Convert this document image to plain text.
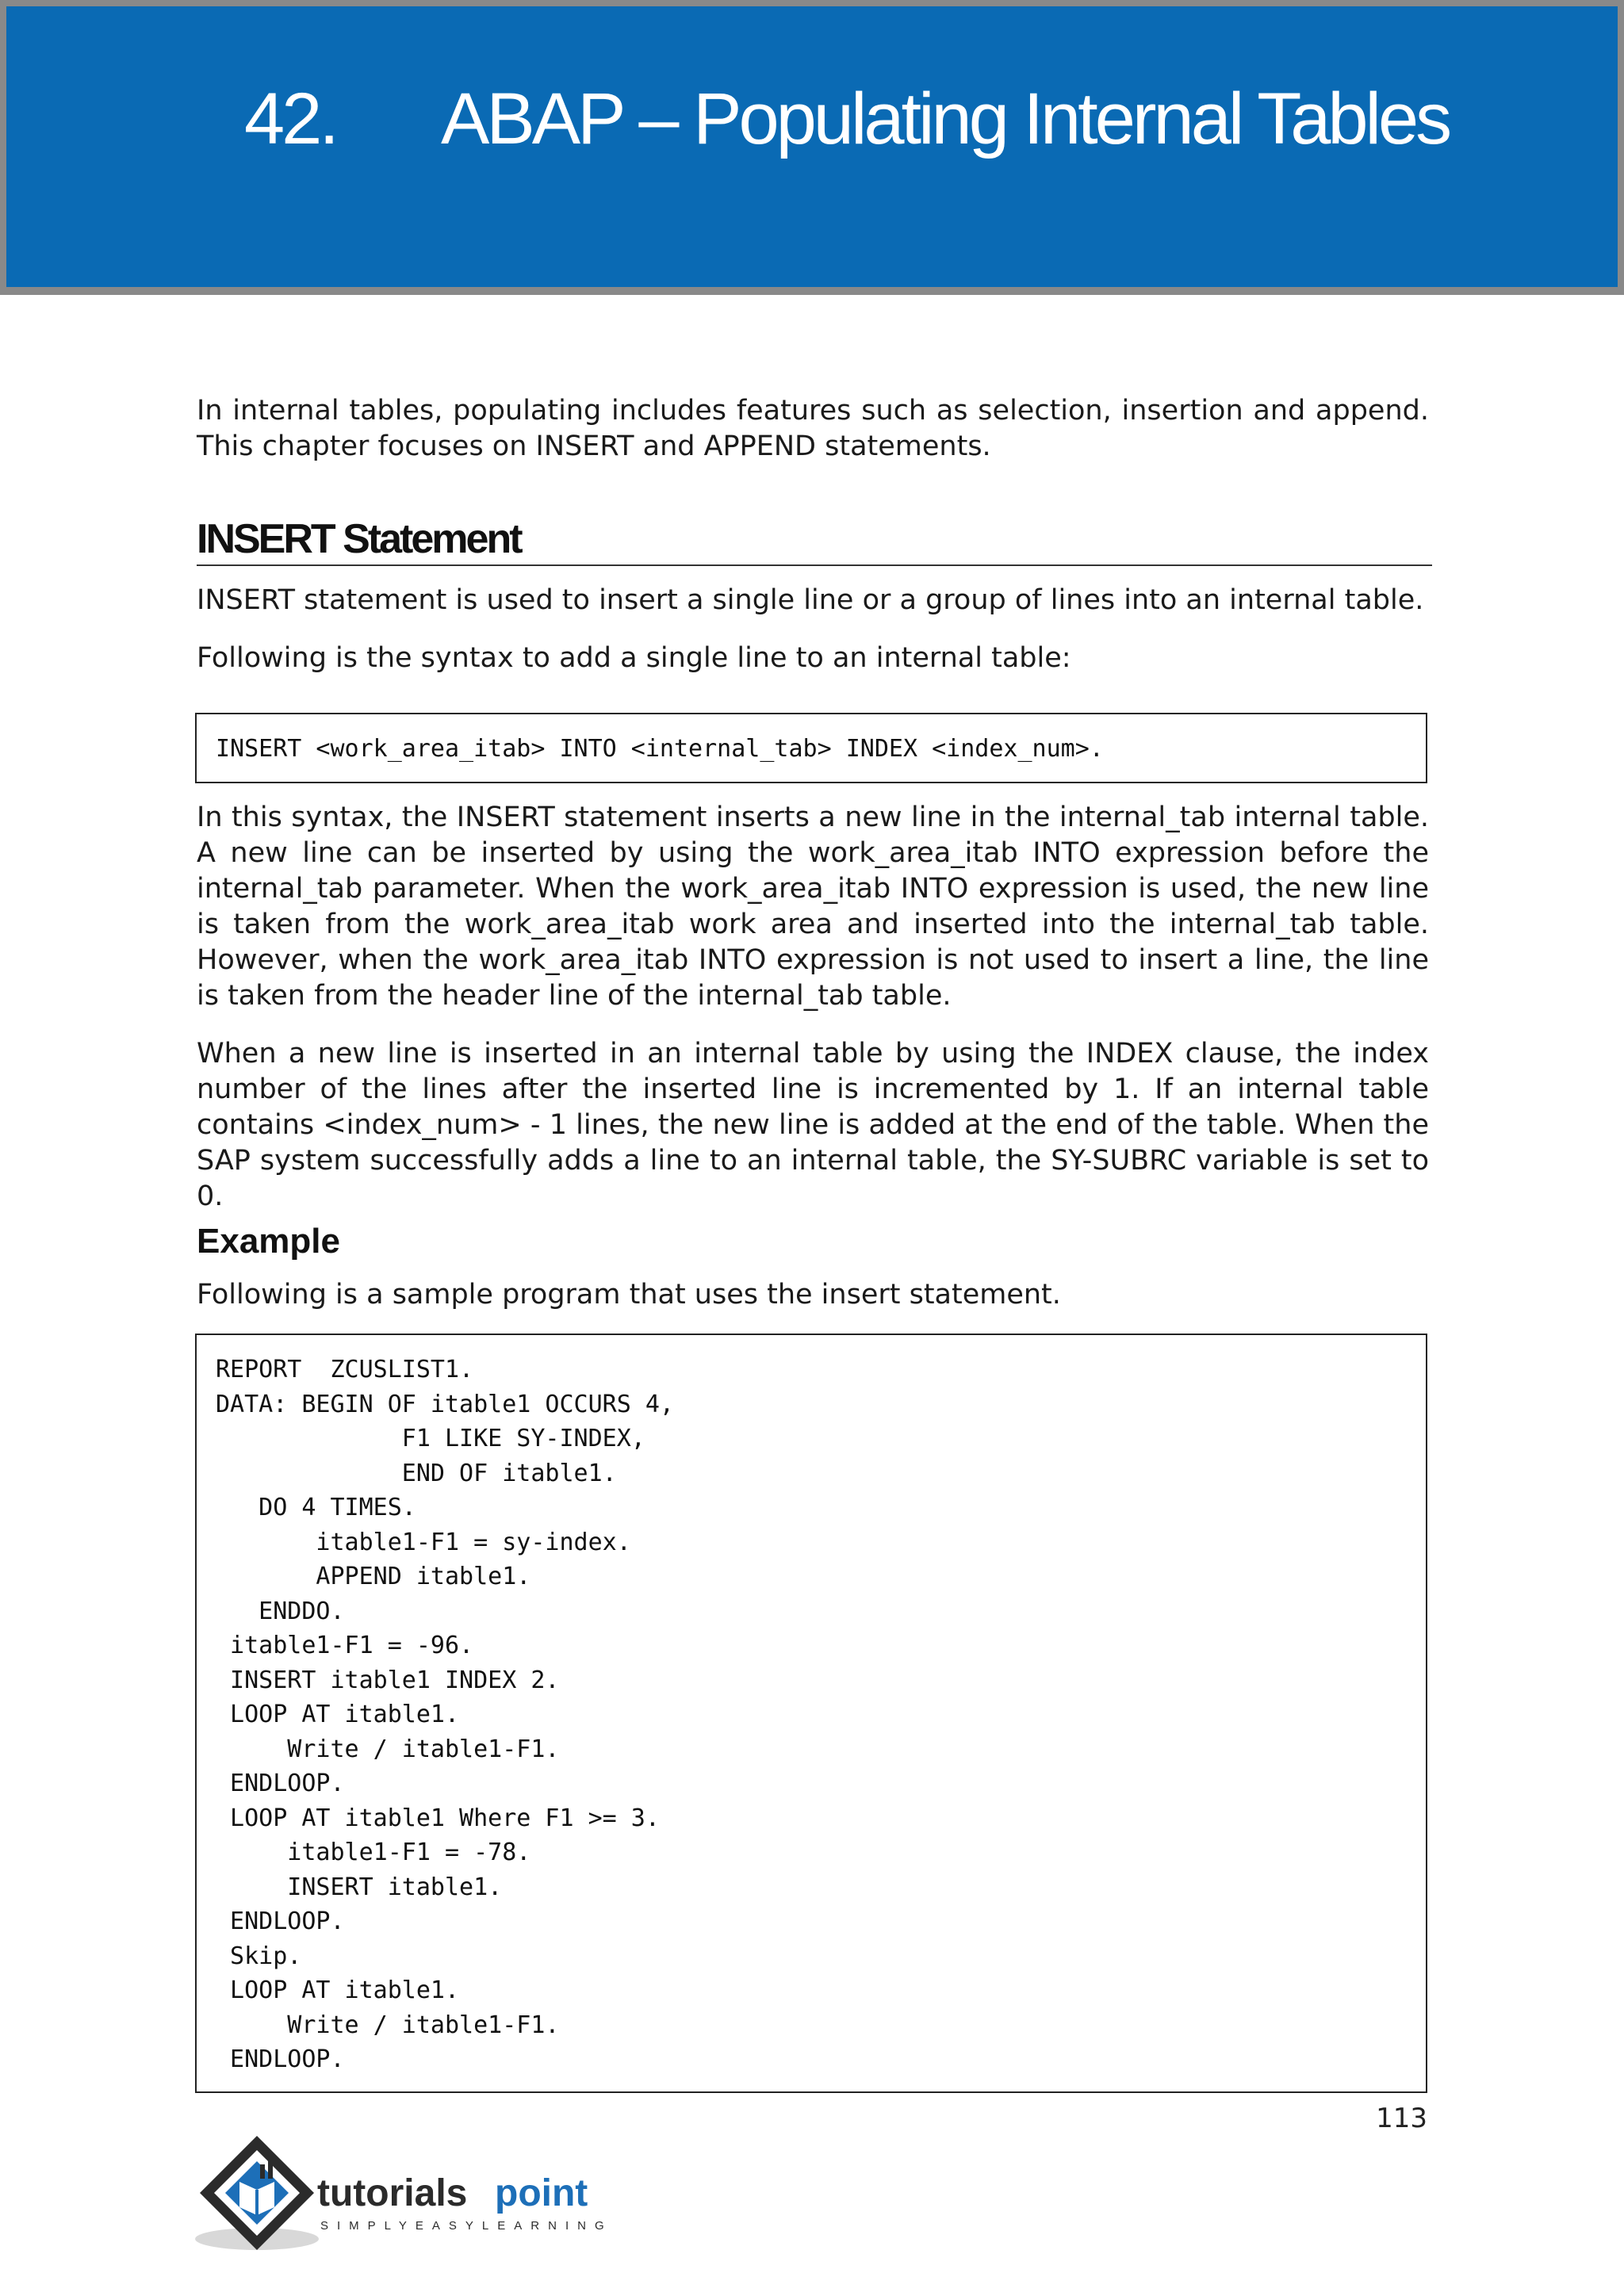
42. ABAP – Populating Internal Tables

In internal tables, populating includes features such as selection, insertion and append. This chapter focuses on INSERT and APPEND statements.

INSERT Statement

INSERT statement is used to insert a single line or a group of lines into an internal table.

Following is the syntax to add a single line to an internal table:

INSERT <work_area_itab> INTO <internal_tab> INDEX <index_num>.

In this syntax, the INSERT statement inserts a new line in the internal_tab internal table. A new line can be inserted by using the work_area_itab INTO expression before the internal_tab parameter. When the work_area_itab INTO expression is used, the new line is taken from the work_area_itab work area and inserted into the internal_tab table. However, when the work_area_itab INTO expression is not used to insert a line, the line is taken from the header line of the internal_tab table.

When a new line is inserted in an internal table by using the INDEX clause, the index number of the lines after the inserted line is incremented by 1. If an internal table contains <index_num> - 1 lines, the new line is added at the end of the table. When the SAP system successfully adds a line to an internal table, the SY-SUBRC variable is set to 0.

Example

Following is a sample program that uses the insert statement.

REPORT  ZCUSLIST1.
DATA: BEGIN OF itable1 OCCURS 4,
F1 LIKE SY-INDEX,
END OF itable1.
DO 4 TIMES.
itable1-F1 = sy-index.
APPEND itable1.
ENDDO.
itable1-F1 = -96.
INSERT itable1 INDEX 2.
LOOP AT itable1.
Write / itable1-F1.
ENDLOOP.
LOOP AT itable1 Where F1 >= 3.
itable1-F1 = -78.
INSERT itable1.
ENDLOOP.
Skip.
LOOP AT itable1.
Write / itable1-F1.
ENDLOOP.
113
tutorials point
SIMPLYEASYLEARNING
